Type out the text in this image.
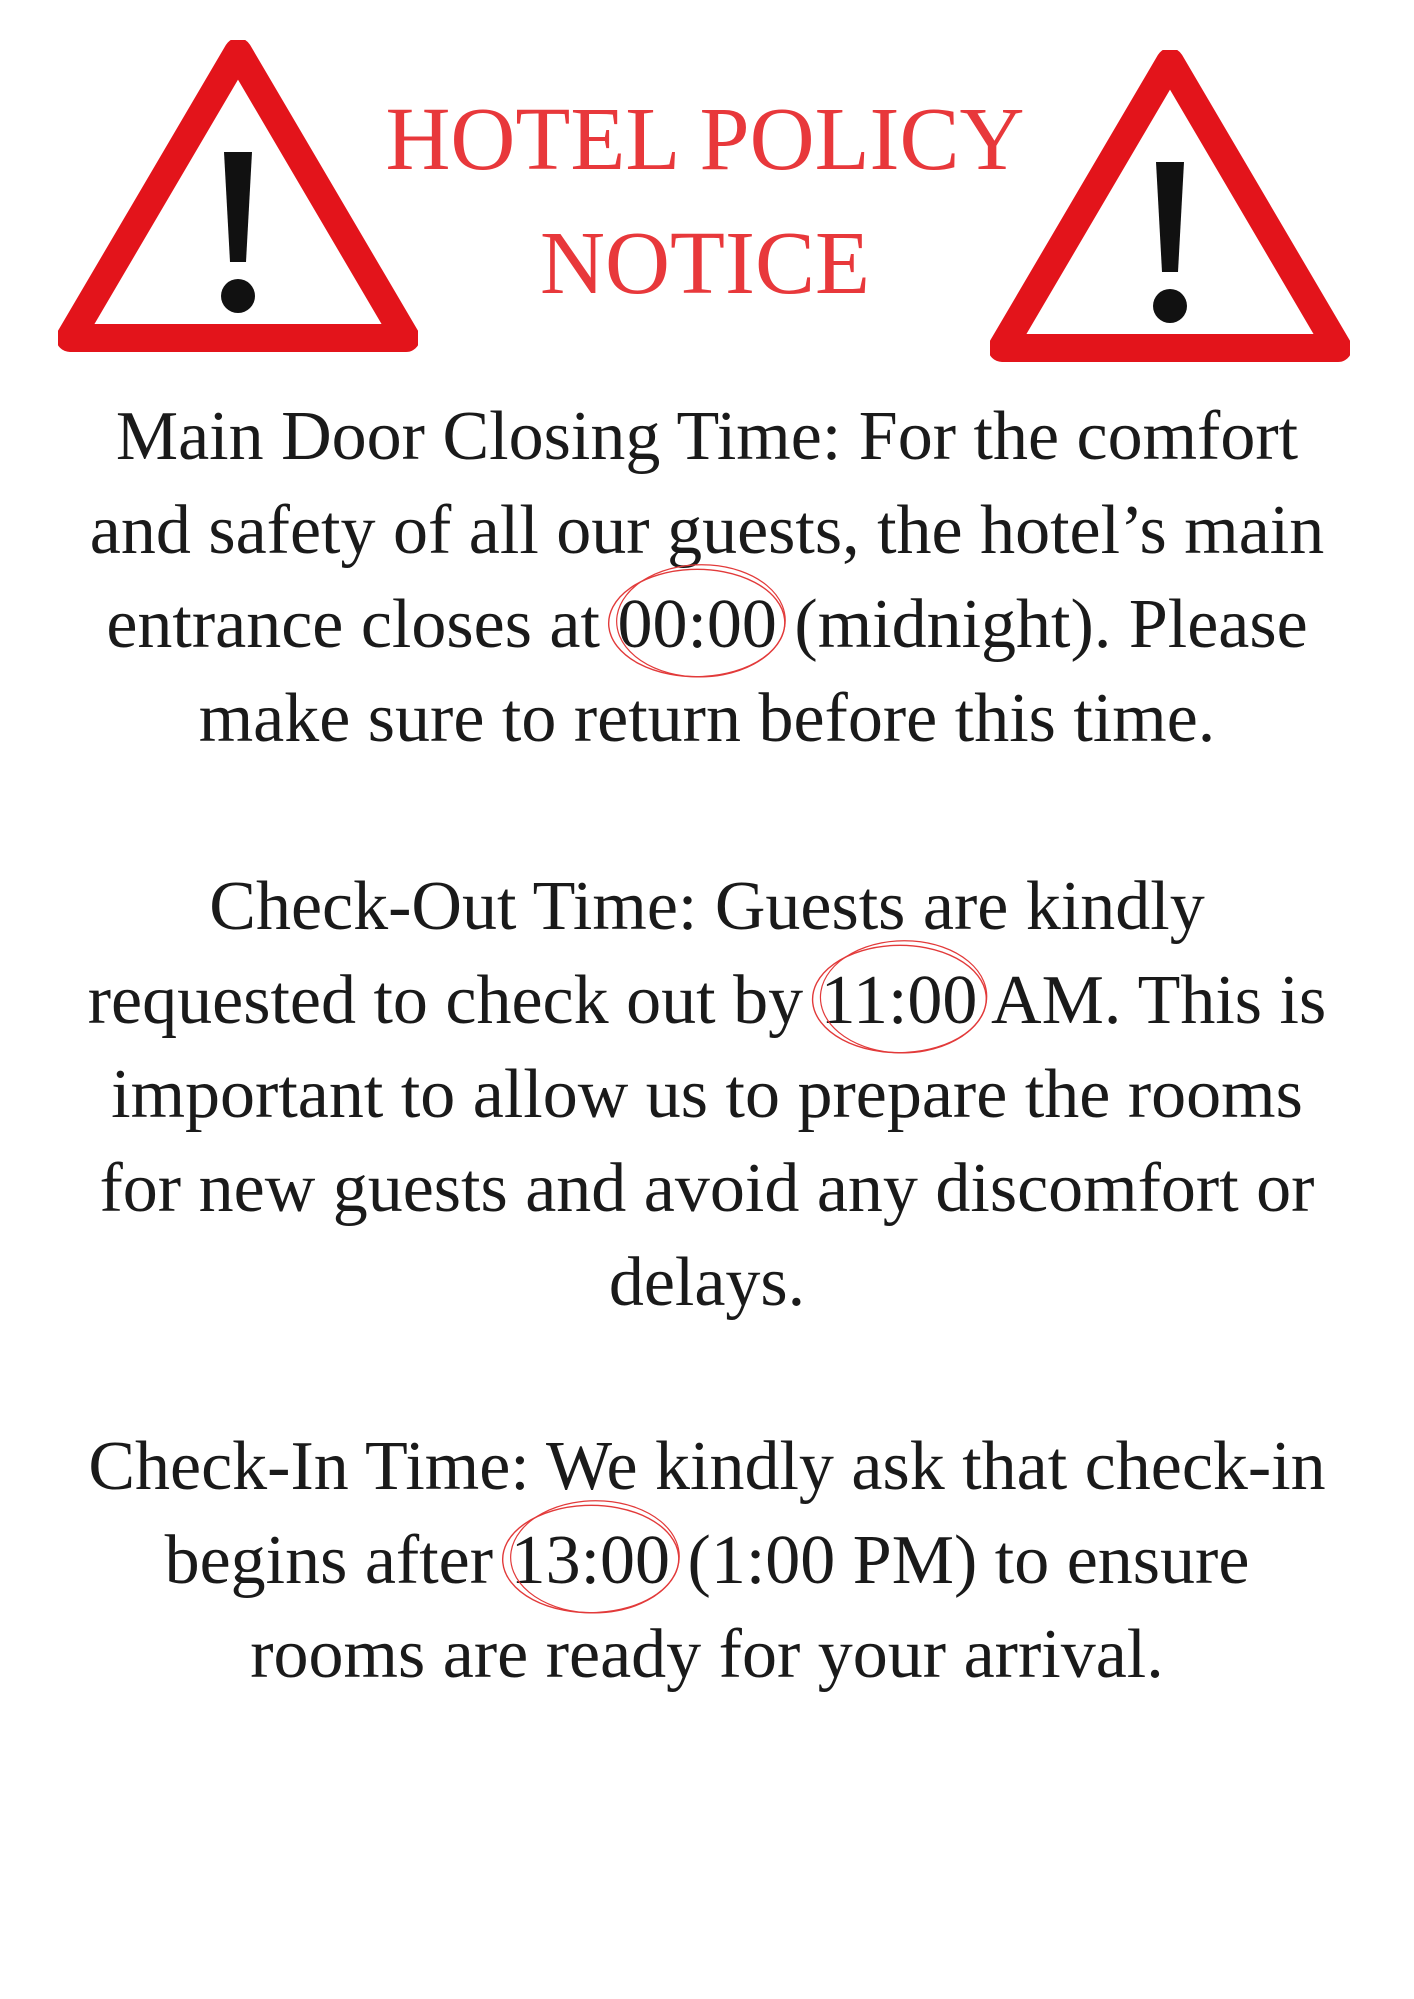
HOTEL POLICY
NOTICE
Main Door Closing Time: For the comfort
and safety of all our guests, the hotel’s main
entrance closes at 00:00
(midnight). Please
make sure to return before this time.
Check-Out Time: Guests are kindly
requested to check out by 11:00
AM. This is
important to allow us to prepare the rooms
for new guests and avoid any discomfort or
delays.
Check-In Time: We kindly ask that check-in
begins after 13:00
(1:00 PM) to ensure
rooms are ready for your arrival.
